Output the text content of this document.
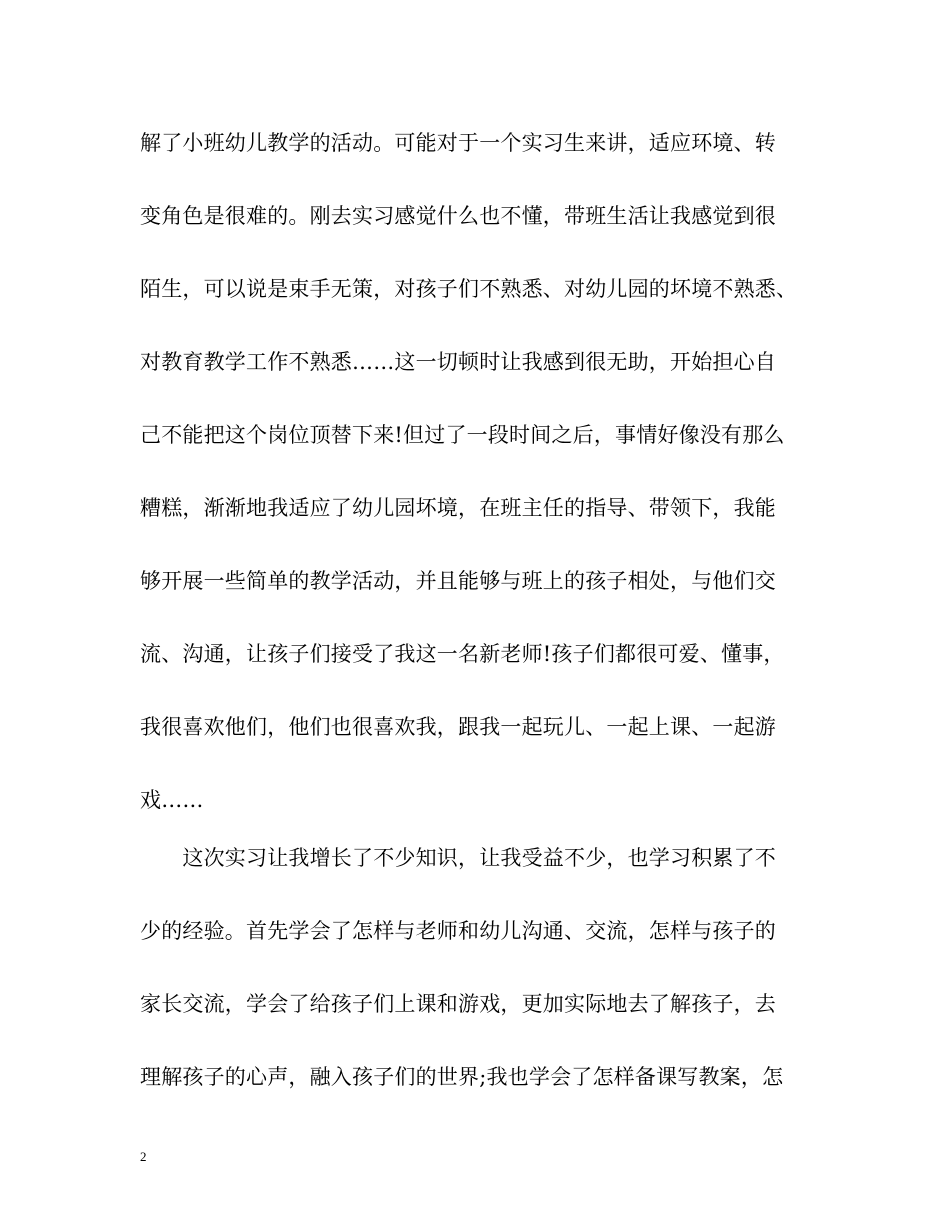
解了小班幼儿教学的活动。可能对于一个实习生来讲，适应环境、转
变角色是很难的。刚去实习感觉什么也不懂，带班生活让我感觉到很
陌生，可以说是束手无策，对孩子们不熟悉、对幼儿园的坏境不熟悉、
对教育教学工作不熟悉……这一切顿时让我感到很无助，开始担心自
己不能把这个岗位顶替下来!但过了一段时间之后，事情好像没有那么
糟糕，渐渐地我适应了幼儿园坏境，在班主任的指导、带领下，我能
够开展一些简单的教学活动，并且能够与班上的孩子相处，与他们交
流、沟通，让孩子们接受了我这一名新老师!孩子们都很可爱、懂事，
我很喜欢他们，他们也很喜欢我，跟我一起玩儿、一起上课、一起游
戏……
　　这次实习让我增长了不少知识，让我受益不少，也学习积累了不
少的经验。首先学会了怎样与老师和幼儿沟通、交流，怎样与孩子的
家长交流，学会了给孩子们上课和游戏，更加实际地去了解孩子，去
理解孩子的心声，融入孩子们的世界;我也学会了怎样备课写教案，怎
2
